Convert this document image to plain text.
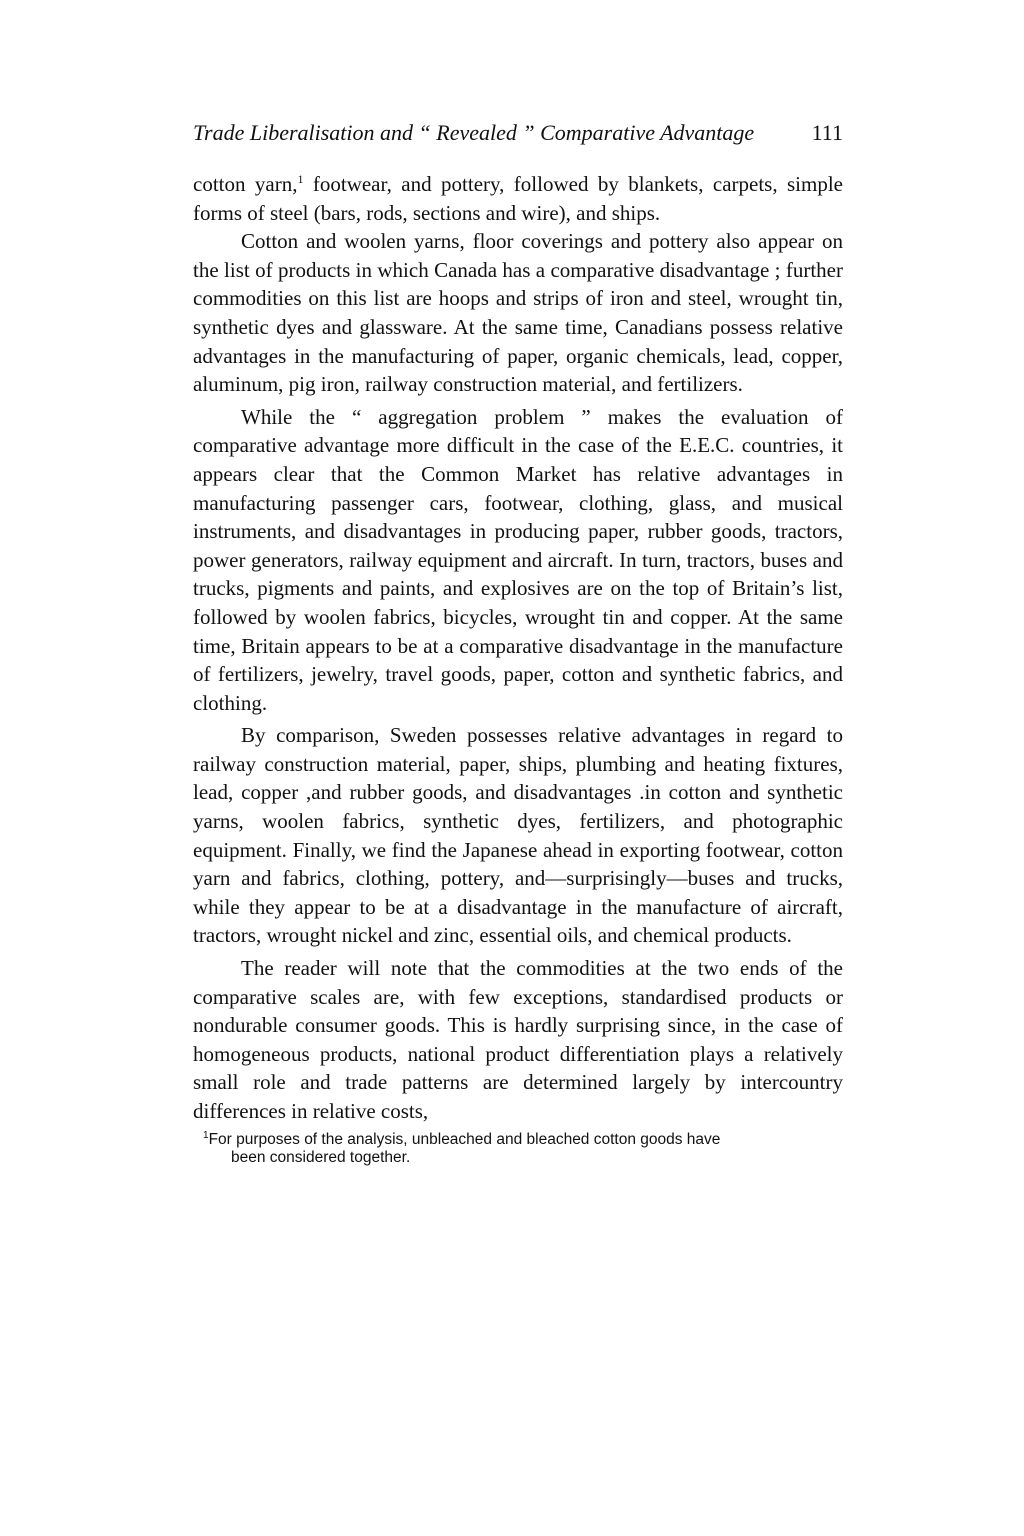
Trade Liberalisation and “ Revealed ” Comparative Advantage	111

cotton yarn,$^1$ footwear, and pottery, followed by blankets, carpets, simple forms of steel (bars, rods, sections and wire), and ships.

Cotton and woolen yarns, floor coverings and pottery also appear on the list of products in which Canada has a comparative disadvantage ; further commodities on this list are hoops and strips of iron and steel, wrought tin, synthetic dyes and glassware. At the same time, Canadians possess relative advantages in the manufacturing of paper, organic chemicals, lead, copper, aluminum, pig iron, railway construction material, and fertilizers.

While the “ aggregation problem ” makes the evaluation of comparative advantage more difficult in the case of the E.E.C. countries, it appears clear that the Common Market has relative advantages in manufacturing passenger cars, footwear, clothing, glass, and musical instruments, and disadvantages in producing paper, rubber goods, tractors, power generators, railway equipment and aircraft. In turn, tractors, buses and trucks, pigments and paints, and explosives are on the top of Britain’s list, followed by woolen fabrics, bicycles, wrought tin and copper. At the same time, Britain appears to be at a comparative disadvantage in the manufacture of fertilizers, jewelry, travel goods, paper, cotton and synthetic fabrics, and clothing.

By comparison, Sweden possesses relative advantages in regard to railway construction material, paper, ships, plumbing and heating fixtures, lead, copper ,and rubber goods, and disadvantages .in cotton and synthetic yarns, woolen fabrics, synthetic dyes, fertilizers, and photographic equipment. Finally, we find the Japanese ahead in exporting footwear, cotton yarn and fabrics, clothing, pottery, and—surprisingly—buses and trucks, while they appear to be at a disadvantage in the manufacture of aircraft, tractors, wrought nickel and zinc, essential oils, and chemical products.

The reader will note that the commodities at the two ends of the comparative scales are, with few exceptions, standardised products or nondurable consumer goods. This is hardly surprising since, in the case of homogeneous products, national product differentiation plays a relatively small role and trade patterns are determined largely by intercountry differences in relative costs,

$^1$For purposes of the analysis, unbleached and bleached cotton goods have
been considered together.
